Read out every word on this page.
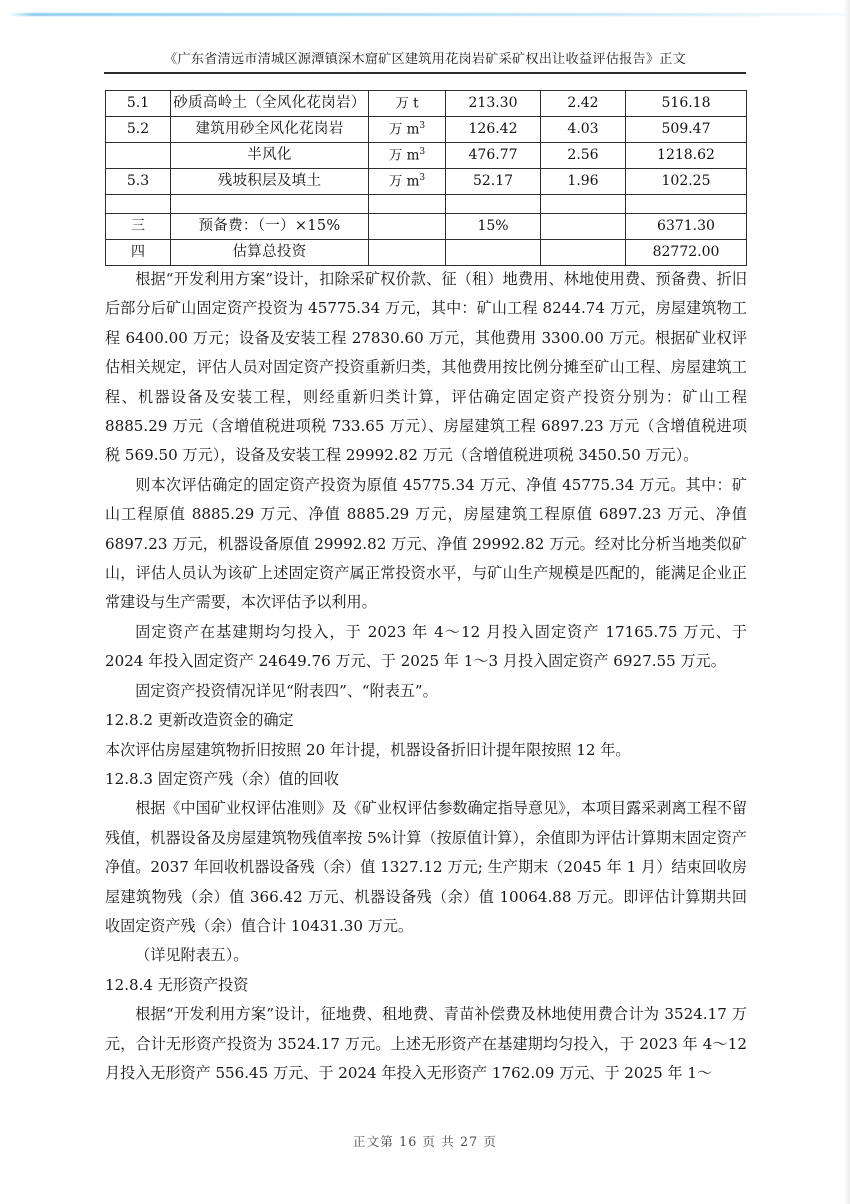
《广东省清远市清城区源潭镇深木窟矿区建筑用花岗岩矿采矿权出让收益评估报告》正文
5.1	砂质高岭土（全风化花岗岩）	万 t	213.30	2.42	516.18
5.2	建筑用砂全风化花岗岩	万 $m^3$	126.42	4.03	509.47
	半风化	万 $m^3$	476.77	2.56	1218.62
5.3	残坡积层及填土	万 $m^3$	52.17	1.96	102.25

三	预备费：（一）×15%		15%		6371.30
四	估算总投资				82772.00

根据“开发利用方案”设计，扣除采矿权价款、征（租）地费用、林地使用费、预备费、折旧后部分后矿山固定资产投资为 45775.34 万元，其中：矿山工程 8244.74 万元，房屋建筑物工程 6400.00 万元；设备及安装工程 27830.60 万元，其他费用 3300.00 万元。根据矿业权评估相关规定，评估人员对固定资产投资重新归类，其他费用按比例分摊至矿山工程、房屋建筑工程、机器设备及安装工程，则经重新归类计算，评估确定固定资产投资分别为：矿山工程 8885.29 万元（含增值税进项税 733.65 万元）、房屋建筑工程 6897.23 万元（含增值税进项税 569.50 万元），设备及安装工程 29992.82 万元（含增值税进项税 3450.50 万元）。

则本次评估确定的固定资产投资为原值 45775.34 万元、净值 45775.34 万元。其中：矿山工程原值 8885.29 万元、净值 8885.29 万元，房屋建筑工程原值 6897.23 万元、净值 6897.23 万元，机器设备原值 29992.82 万元、净值 29992.82 万元。经对比分析当地类似矿山，评估人员认为该矿上述固定资产属正常投资水平，与矿山生产规模是匹配的，能满足企业正常建设与生产需要，本次评估予以利用。

固定资产在基建期均匀投入，于 2023 年 4～12 月投入固定资产 17165.75 万元、于 2024 年投入固定资产 24649.76 万元、于 2025 年 1～3 月投入固定资产 6927.55 万元。

固定资产投资情况详见“附表四”、“附表五”。

12.8.2 更新改造资金的确定

本次评估房屋建筑物折旧按照 20 年计提，机器设备折旧计提年限按照 12 年。

12.8.3 固定资产残（余）值的回收

根据《中国矿业权评估准则》及《矿业权评估参数确定指导意见》，本项目露采剥离工程不留残值，机器设备及房屋建筑物残值率按 5%计算（按原值计算），余值即为评估计算期末固定资产净值。2037 年回收机器设备残（余）值 1327.12 万元; 生产期末（2045 年 1 月）结束回收房屋建筑物残（余）值 366.42 万元、机器设备残（余）值 10064.88 万元。即评估计算期共回收固定资产残（余）值合计 10431.30 万元。

（详见附表五）。

12.8.4 无形资产投资

根据“开发利用方案”设计，征地费、租地费、青苗补偿费及林地使用费合计为 3524.17 万元，合计无形资产投资为 3524.17 万元。上述无形资产在基建期均匀投入，于 2023 年 4～12 月投入无形资产 556.45 万元、于 2024 年投入无形资产 1762.09 万元、于 2025 年 1～

正文第 16 页 共 27 页
